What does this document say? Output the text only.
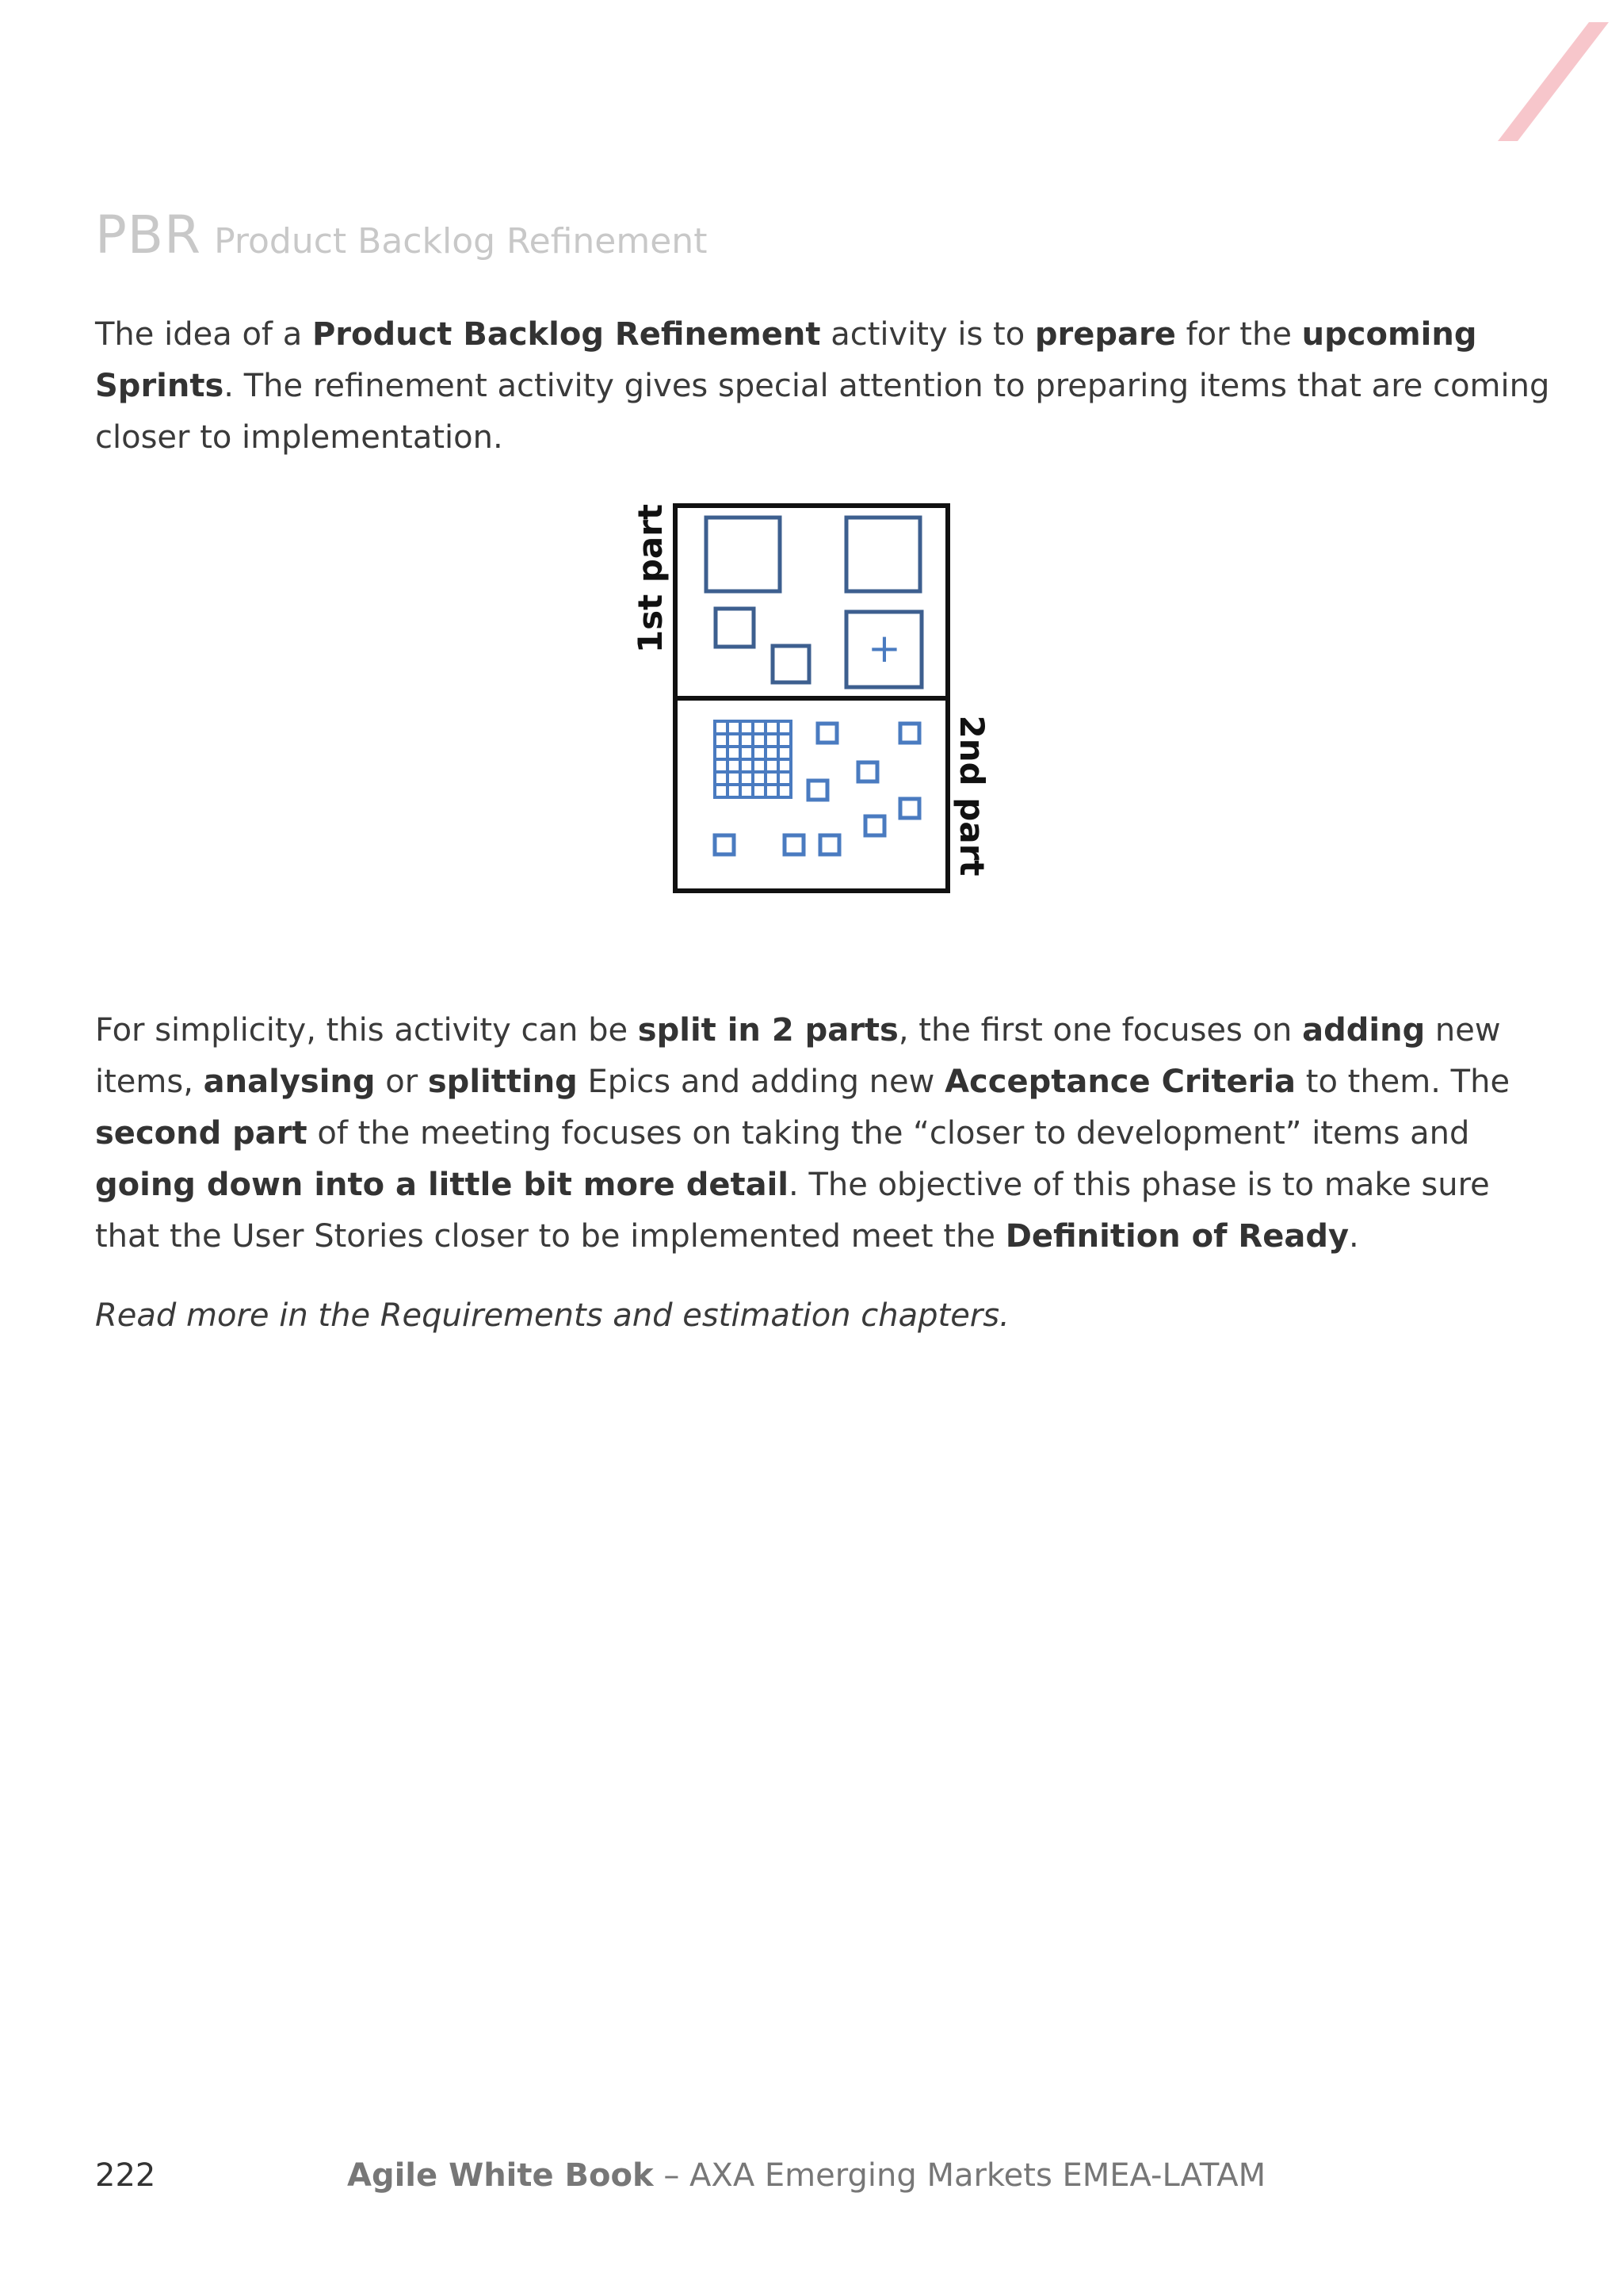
PBR Product Backlog Refinement

The idea of a Product Backlog Refinement activity is to prepare for the upcoming Sprints. The refinement activity gives special attention to preparing items that are coming closer to implementation.

+
1st part
2nd part

For simplicity, this activity can be split in 2 parts, the first one focuses on adding new items, analysing or splitting Epics and adding new Acceptance Criteria to them. The second part of the meeting focuses on taking the “closer to development” items and going down into a little bit more detail. The objective of this phase is to make sure that the User Stories closer to be implemented meet the Definition of Ready.

Read more in the Requirements and estimation chapters.

222	Agile White Book – AXA Emerging Markets EMEA-LATAM
